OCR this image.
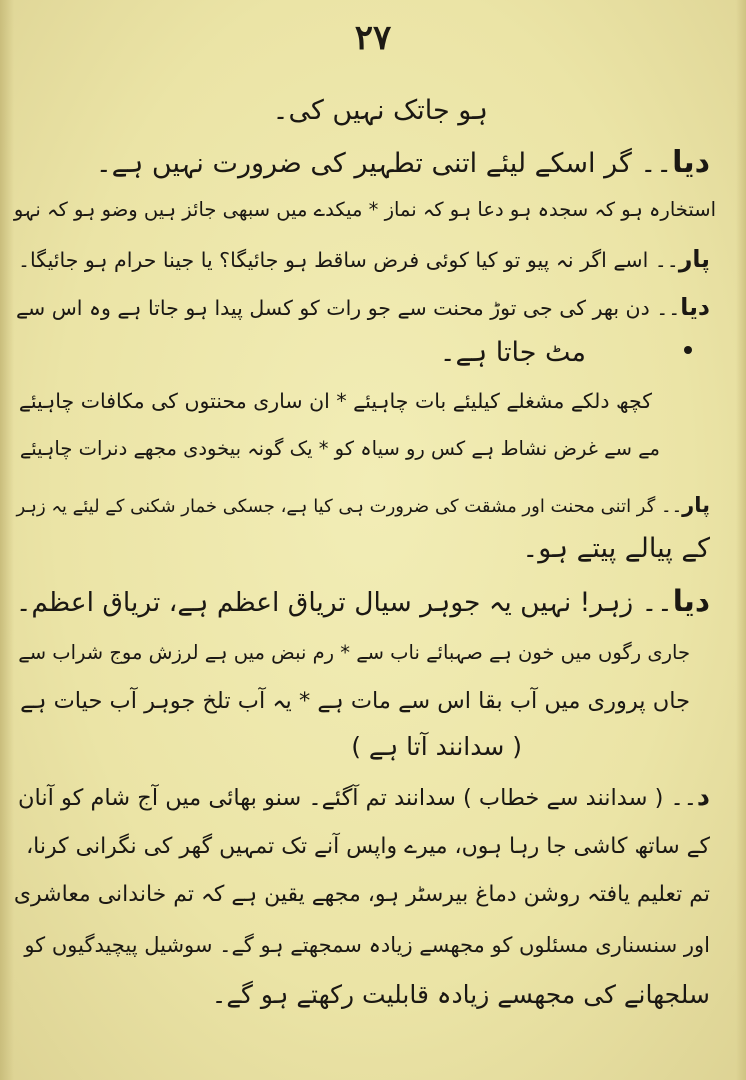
۲۷
ہو جاتک نہیں کی۔
دیا۔۔ گر اسکے لیئے اتنی تطہیر کی ضرورت نہیں ہے۔
استخارہ ہو کہ سجدہ ہو دعا ہو کہ نماز * میکدے میں سبھی جائز ہیں وضو ہو کہ نہو
پار۔۔ اسے اگر نہ پیو تو کیا کوئی فرض ساقط ہو جائیگا؟ یا جینا حرام ہو جائیگا۔
دیا۔۔ دن بھر کی جی توڑ محنت سے جو رات کو کسل پیدا ہو جاتا ہے وہ اس سے
مٹ جاتا ہے۔
کچھ دلکے مشغلے کیلیئے بات چاہیئے * ان ساری محنتوں کی مکافات چاہیئے
مے سے غرض نشاط ہے کس رو سیاہ کو * یک گونہ بیخودی مجھے دنرات چاہیئے
پار۔۔ گر اتنی محنت اور مشقت کی ضرورت ہی کیا ہے، جسکی خمار شکنی کے لیئے یہ زہر
کے پیالے پیتے ہو۔
دیا۔۔ زہر! نہیں یہ جوہر سیال تریاق اعظم ہے، تریاق اعظم۔
جاری رگوں میں خون ہے صہبائے ناب سے * رم نبض میں ہے لرزش موج شراب سے
جاں پروری میں آب بقا اس سے مات ہے * یہ آب تلخ جوہر آب حیات ہے
( سدانند آتا ہے )
د۔۔ ( سدانند سے خطاب ) سدانند تم آگئے۔ سنو بھائی میں آج شام کو آنان
کے ساتھ کاشی جا رہا ہوں، میرے واپس آنے تک تمہیں گھر کی نگرانی کرنا،
تم تعلیم یافتہ روشن دماغ بیرسٹر ہو، مجھے یقین ہے کہ تم خاندانی معاشری
اور سنسناری مسئلوں کو مجھسے زیادہ سمجھتے ہو گے۔ سوشیل پیچیدگیوں کو
سلجھانے کی مجھسے زیادہ قابلیت رکھتے ہو گے۔
